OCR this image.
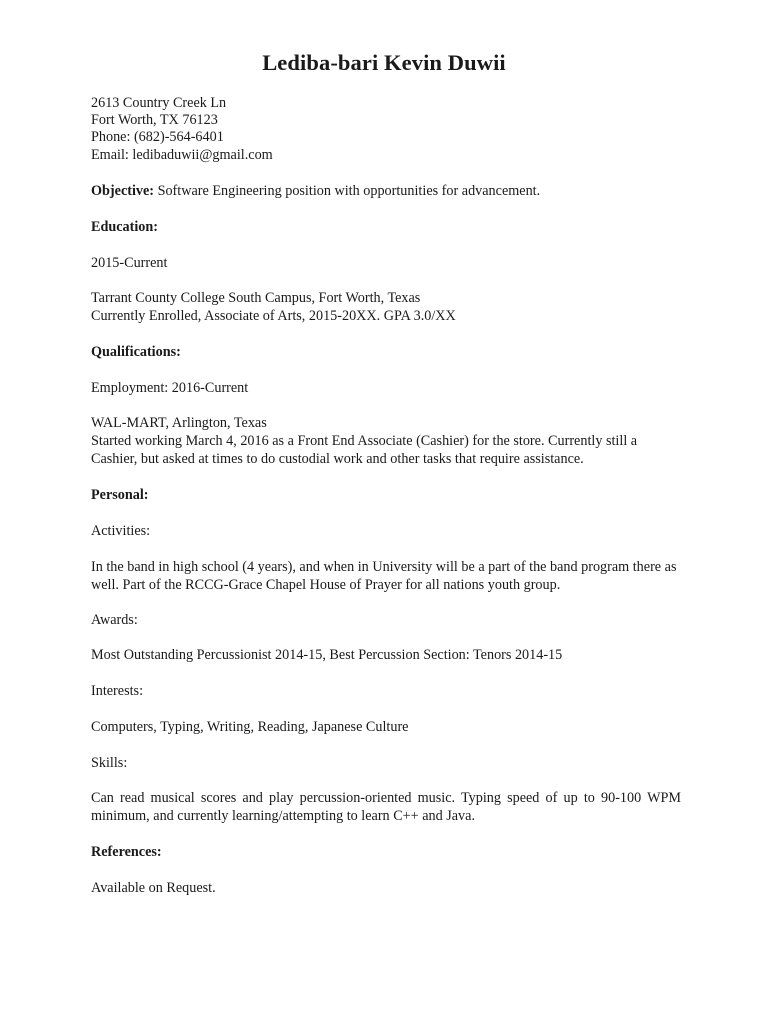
Lediba-bari Kevin Duwii
2613 Country Creek Ln
Fort Worth, TX 76123
Phone: (682)-564-6401
Email: ledibaduwii@gmail.com
Objective: Software Engineering position with opportunities for advancement.
Education:
2015-Current
Tarrant County College South Campus, Fort Worth, Texas
Currently Enrolled, Associate of Arts, 2015-20XX. GPA 3.0/XX
Qualifications:
Employment: 2016-Current
WAL-MART, Arlington, Texas
Started working March 4, 2016 as a Front End Associate (Cashier) for the store. Currently still a Cashier, but asked at times to do custodial work and other tasks that require assistance.
Personal:
Activities:
In the band in high school (4 years), and when in University will be a part of the band program there as well. Part of the RCCG-Grace Chapel House of Prayer for all nations youth group.
Awards:
Most Outstanding Percussionist 2014-15, Best Percussion Section: Tenors 2014-15
Interests:
Computers, Typing, Writing, Reading, Japanese Culture
Skills:
Can read musical scores and play percussion-oriented music. Typing speed of up to 90-100 WPM minimum, and currently learning/attempting to learn C++ and Java.
References:
Available on Request.
